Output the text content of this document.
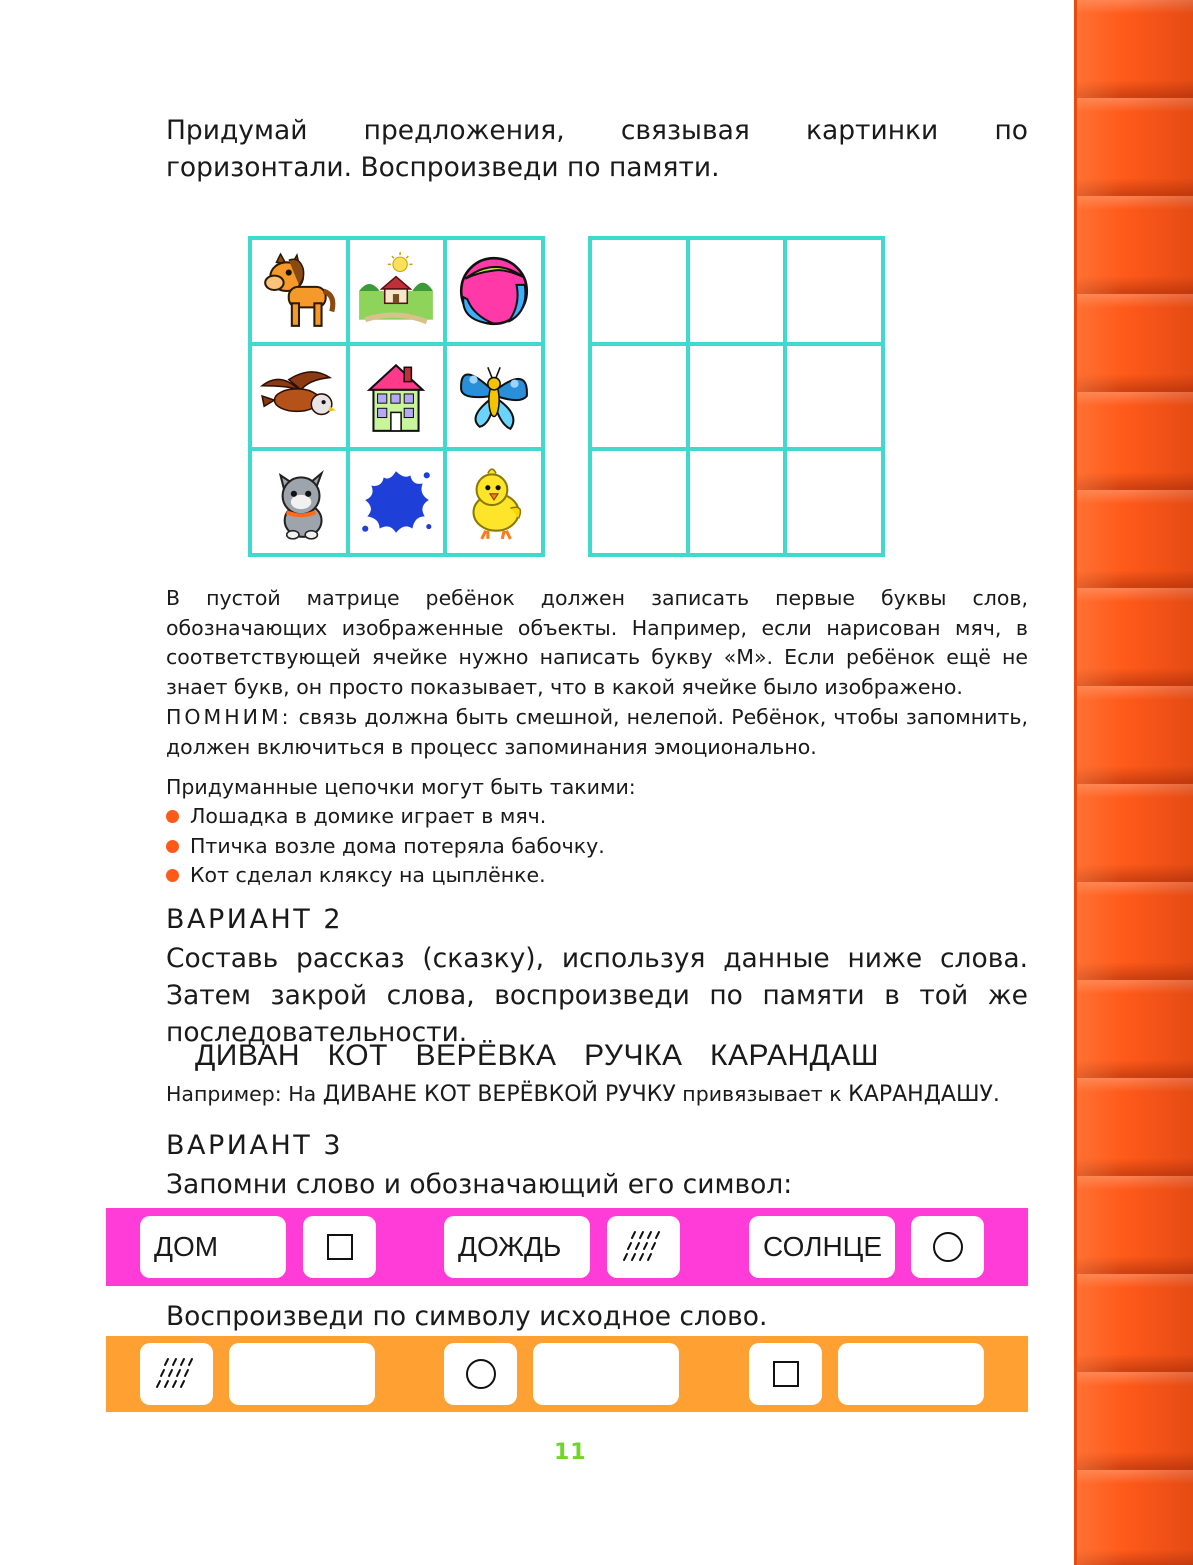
Придумай предложения, связывая картинки по горизонтали. Воспроизведи по памяти.

В пустой матрице ребёнок должен записать первые буквы слов, обозначающих изображенные объекты. Например, если нарисован мяч, в соответствующей ячейке нужно написать букву «М». Если ребёнок ещё не знает букв, он просто показывает, что в какой ячейке было изображено.

ПОМНИМ: связь должна быть смешной, нелепой. Ребёнок, чтобы запомнить, должен включиться в процесс запоминания эмоционально.

Придуманные цепочки могут быть такими:

Лошадка в домике играет в мяч.
Птичка возле дома потеряла бабочку.
Кот сделал кляксу на цыплёнке.
ВАРИАНТ 2
Составь рассказ (сказку), используя данные ниже слова. Затем закрой слова, воспроизведи по памяти в той же последовательности.
ДИВАН КОТ ВЕРЁВКА РУЧКА КАРАНДАШ
Например: На ДИВАНЕ КОТ ВЕРЁВКОЙ РУЧКУ привязывает к КАРАНДАШУ.
ВАРИАНТ 3
Запомни слово и обозначающий его символ:
ДОМ	ДОЖДЬ	СОЛНЦЕ
Воспроизведи по символу исходное слово.
11
